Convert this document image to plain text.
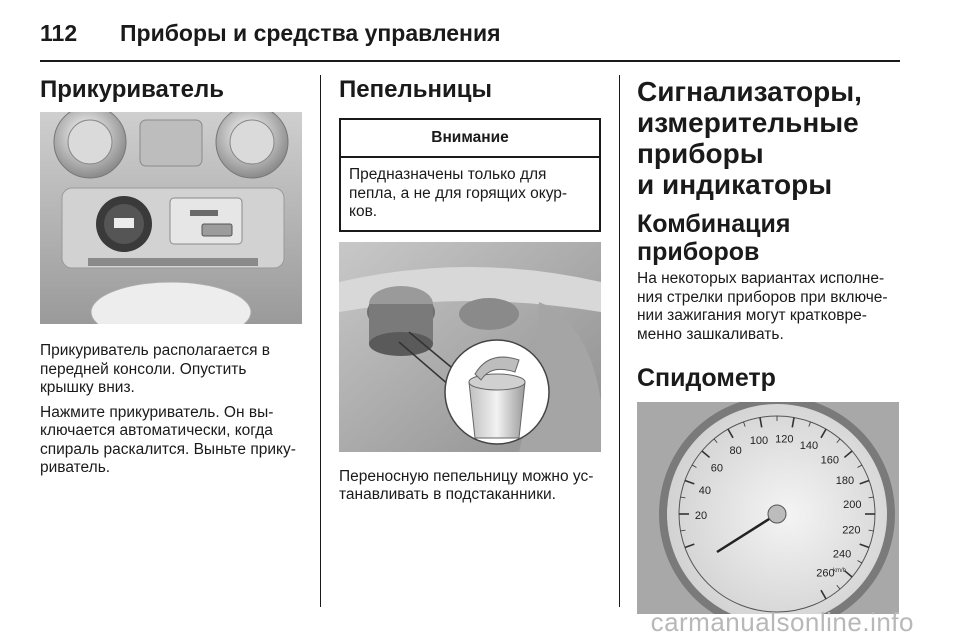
112 Приборы и средства управления
Прикуриватель

Прикуриватель располагается в передней консоли. Опустить крышку вниз.

Нажмите прикуриватель. Он вы-ключается автоматически, когда спираль раскалится. Выньте прику-риватель.

Пепельницы
Внимание

Предназначены только для пепла, а не для горящих окур-ков.

Переносную пепельницу можно ус-танавливать в подстаканники.

Сигнализаторы,
измерительные
приборы
и индикаторы
Комбинация приборов

На некоторых вариантах исполне-ния стрелки приборов при включе-нии зажигания могут кратковре-менно зашкаливать.

Спидометр
20
40
60
80
100 120
140
160
180
200
220
240
260
km/h
carmanualsonline.info
